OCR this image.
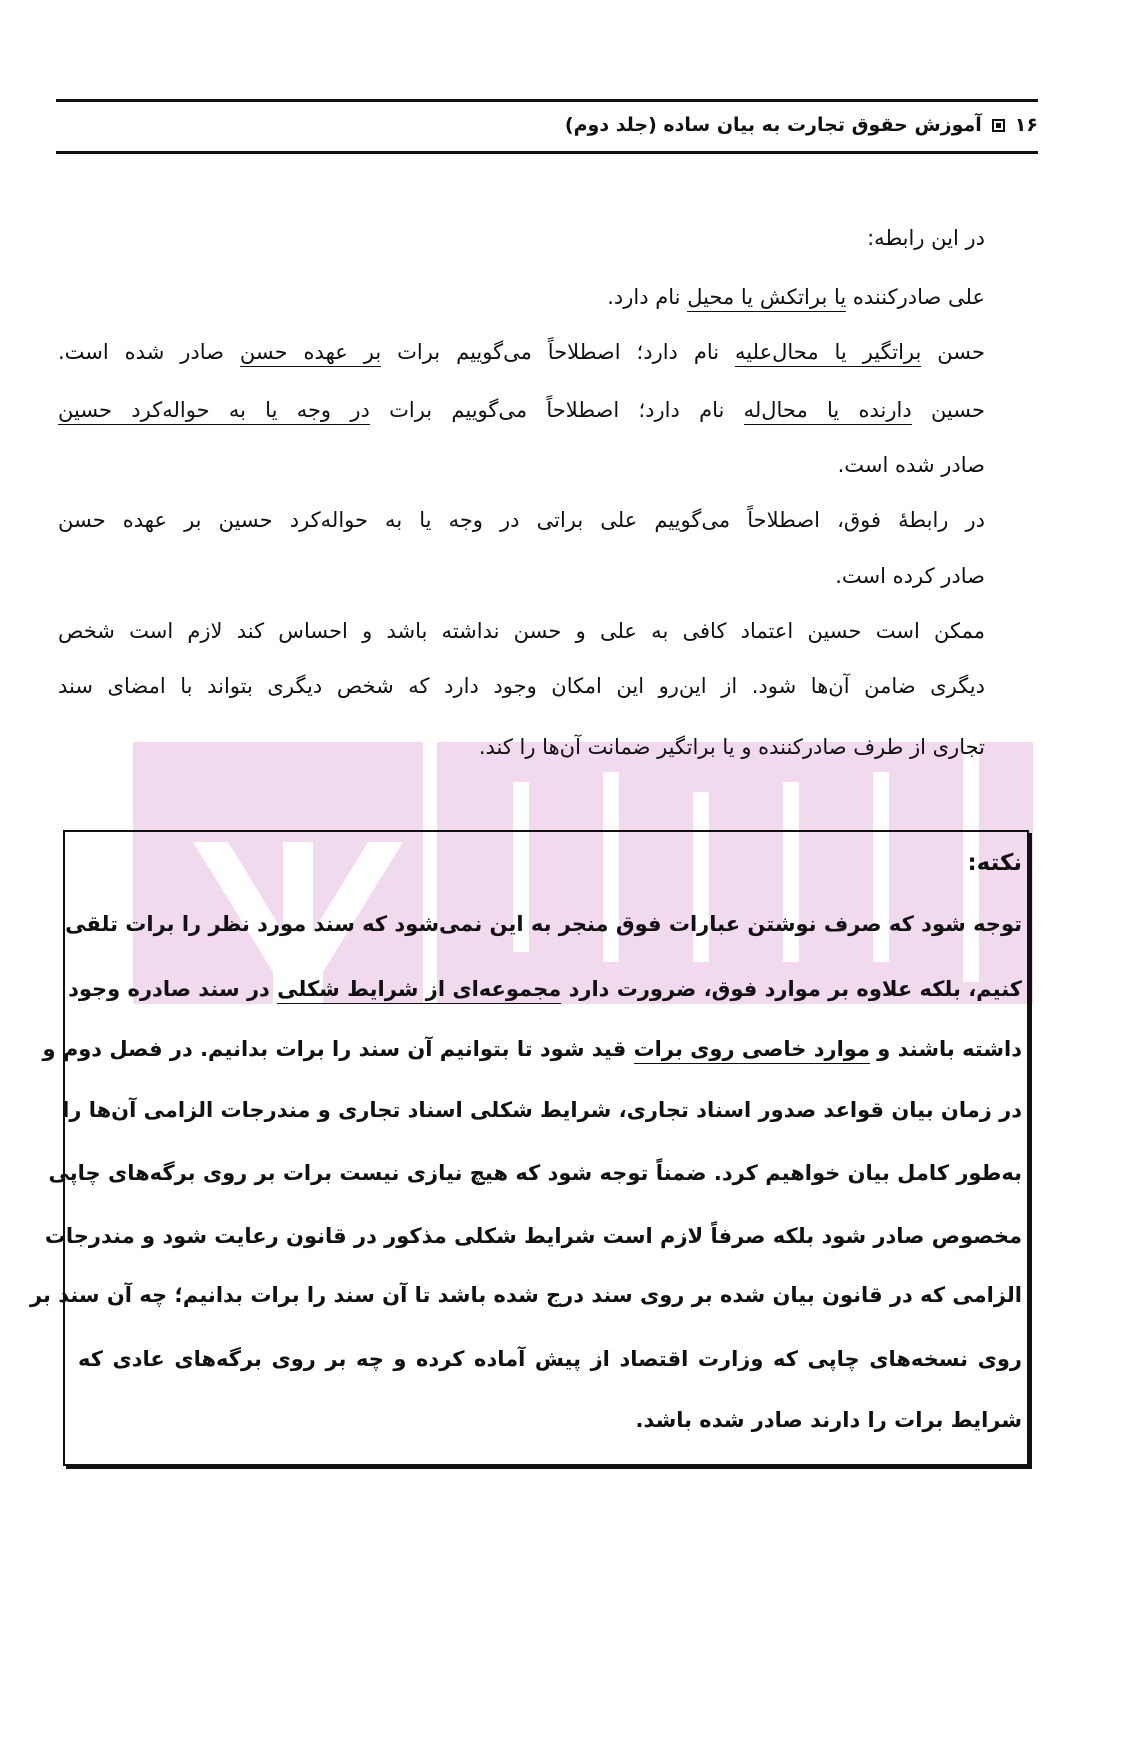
۱۶
آموزش حقوق تجارت به بیان ساده (جلد دوم)
در این رابطه:
علی صادرکننده یا براتکش یا محیل نام دارد.
حسن براتگیر یا محال‌علیه نام دارد؛ اصطلاحاً می‌گوییم برات بر عهده حسن صادر شده است.
حسین دارنده یا محال‌له نام دارد؛ اصطلاحاً می‌گوییم برات در وجه یا به حواله‌کرد حسین
صادر شده است.
در رابطهٔ فوق، اصطلاحاً می‌گوییم علی براتی در وجه یا به حواله‌کرد حسین بر عهده حسن
صادر کرده است.
ممکن است حسین اعتماد کافی به علی و حسن نداشته باشد و احساس کند لازم است شخص
دیگری ضامن آن‌ها شود. از این‌رو این امکان وجود دارد که شخص دیگری بتواند با امضای سند
تجاری از طرف صادرکننده و یا براتگیر ضمانت آن‌ها را کند.
نکته:
توجه شود که صرف نوشتن عبارات فوق منجر به این نمی‌شود که سند مورد نظر را برات تلقی
کنیم، بلکه علاوه بر موارد فوق، ضرورت دارد مجموعه‌ای از شرایط شکلی در سند صادره وجود
داشته باشند و موارد خاصی روی برات قید شود تا بتوانیم آن سند را برات بدانیم. در فصل دوم و
در زمان بیان قواعد صدور اسناد تجاری، شرایط شکلی اسناد تجاری و مندرجات الزامی آن‌ها را
به‌طور کامل بیان خواهیم کرد. ضمناً توجه شود که هیچ نیازی نیست برات بر روی برگه‌های چاپی
مخصوص صادر شود بلکه صرفاً لازم است شرایط شکلی مذکور در قانون رعایت شود و مندرجات
الزامی که در قانون بیان شده بر روی سند درج شده باشد تا آن سند را برات بدانیم؛ چه آن سند بر
روی نسخه‌های چاپی که وزارت اقتصاد از پیش آماده کرده و چه بر روی برگه‌های عادی که
شرایط برات را دارند صادر شده باشد.
